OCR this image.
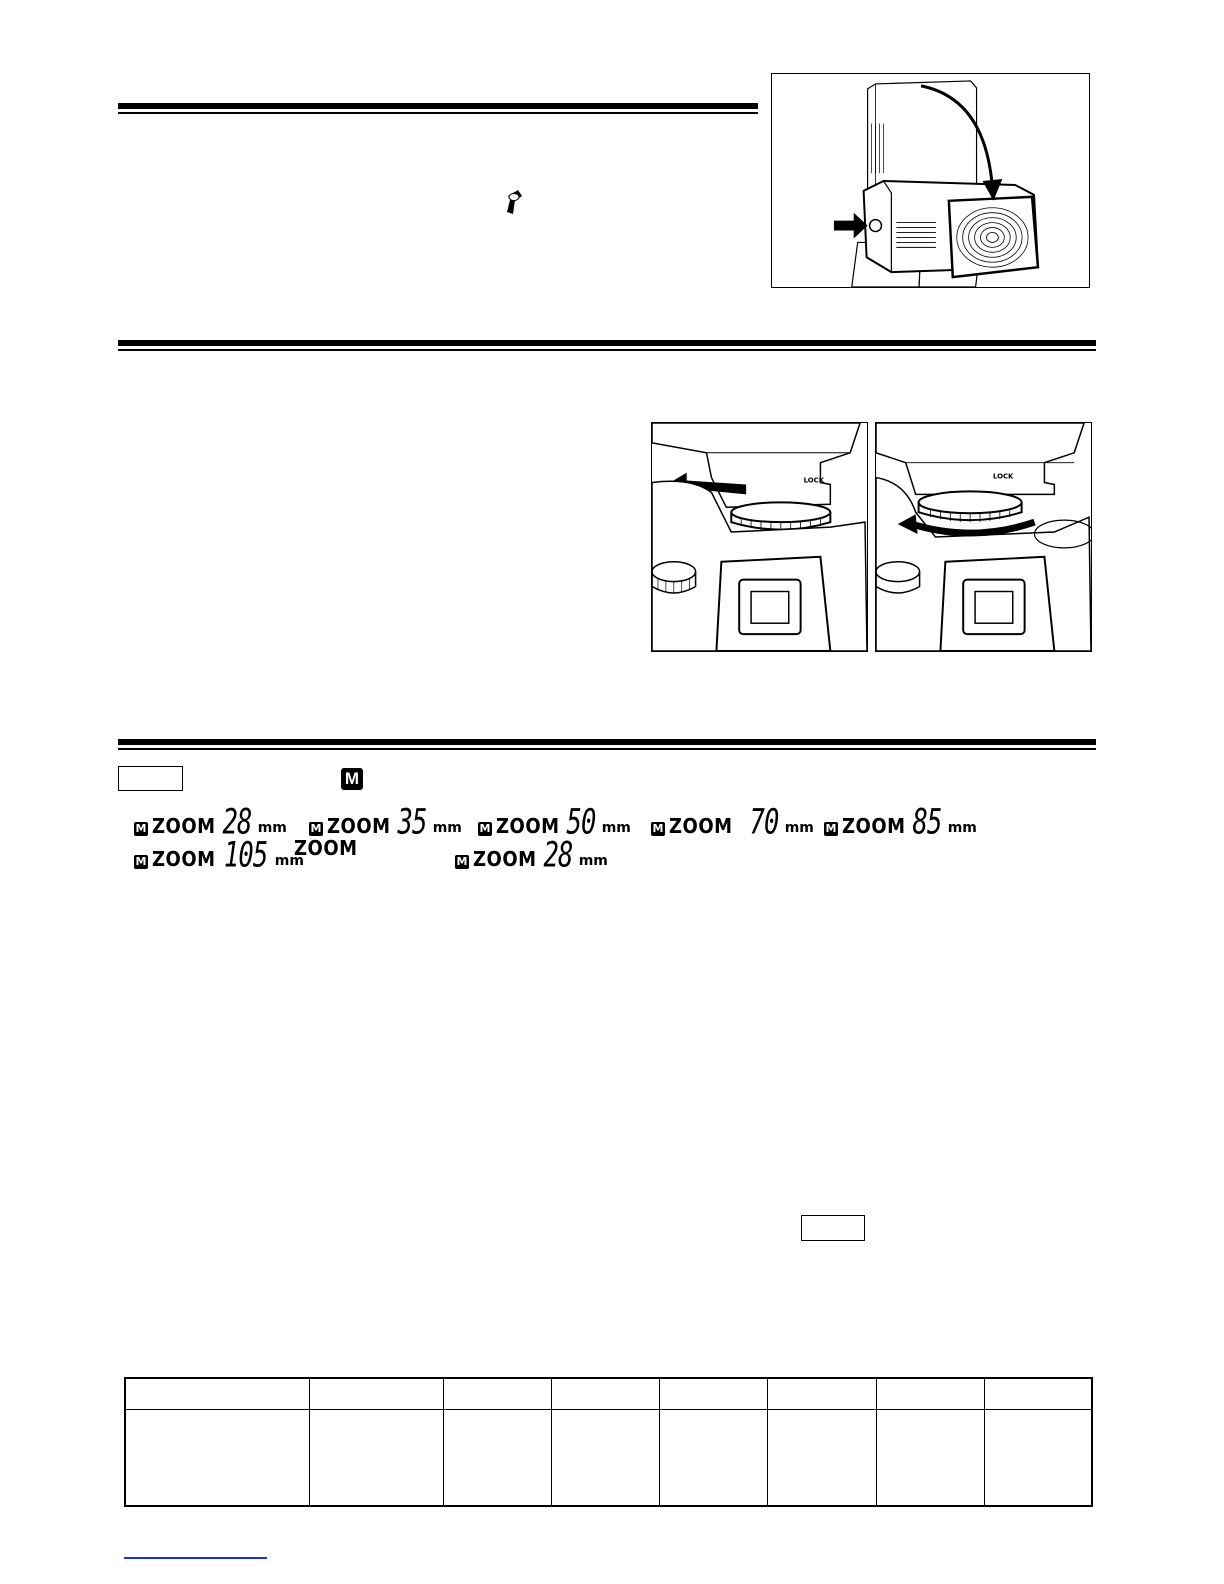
LOCK	LOCK
M
M ZOOM 28 mm M ZOOM 35 mm M ZOOM 50 mm M ZOOM 70 mm M ZOOM 85 mm
M ZOOM 105 mm
ZOOM
M ZOOM 28 mm
